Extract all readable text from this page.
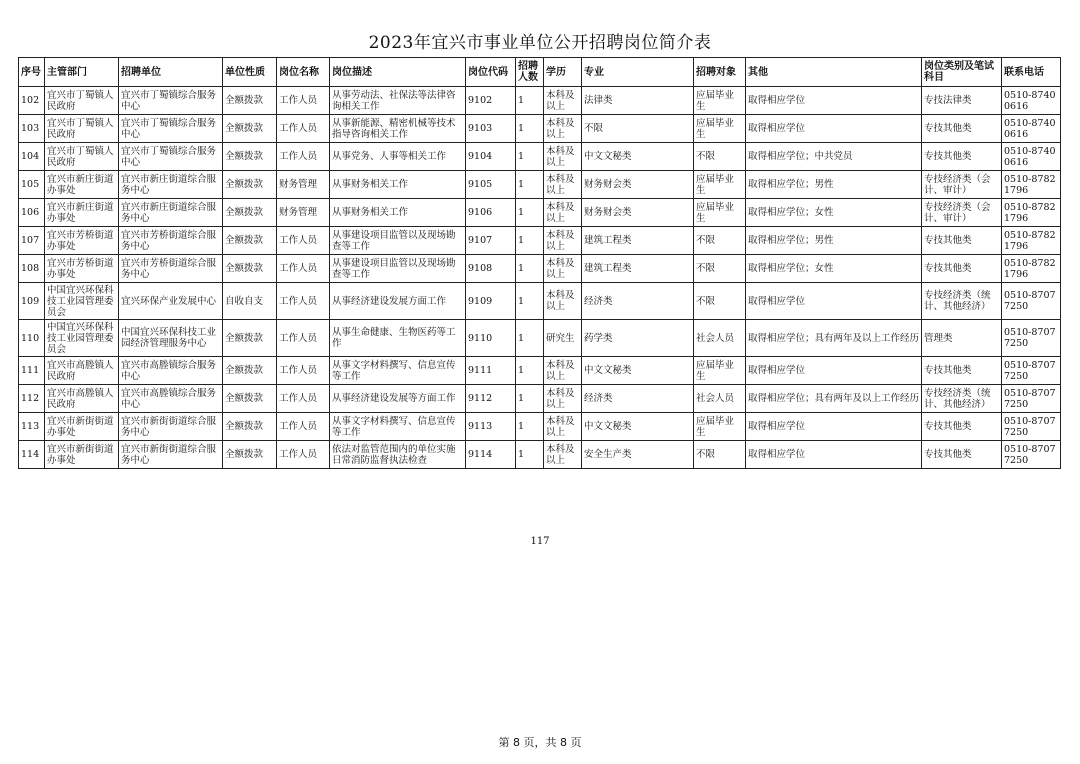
2023年宜兴市事业单位公开招聘岗位简介表
序号	主管部门	招聘单位	单位性质	岗位名称	岗位描述	岗位代码	招聘人数	学历	专业	招聘对象	其他	岗位类别及笔试科目	联系电话
102	宜兴市丁蜀镇人民政府	宜兴市丁蜀镇综合服务中心	全额拨款	工作人员	从事劳动法、社保法等法律咨询相关工作	9102	1	本科及以上	法律类	应届毕业生	取得相应学位	专技法律类	0510-87400616
103	宜兴市丁蜀镇人民政府	宜兴市丁蜀镇综合服务中心	全额拨款	工作人员	从事新能源、精密机械等技术指导咨询相关工作	9103	1	本科及以上	不限	应届毕业生	取得相应学位	专技其他类	0510-87400616
104	宜兴市丁蜀镇人民政府	宜兴市丁蜀镇综合服务中心	全额拨款	工作人员	从事党务、人事等相关工作	9104	1	本科及以上	中文文秘类	不限	取得相应学位；中共党员	专技其他类	0510-87400616
105	宜兴市新庄街道办事处	宜兴市新庄街道综合服务中心	全额拨款	财务管理	从事财务相关工作	9105	1	本科及以上	财务财会类	应届毕业生	取得相应学位；男性	专技经济类（会计、审计）	0510-87821796
106	宜兴市新庄街道办事处	宜兴市新庄街道综合服务中心	全额拨款	财务管理	从事财务相关工作	9106	1	本科及以上	财务财会类	应届毕业生	取得相应学位；女性	专技经济类（会计、审计）	0510-87821796
107	宜兴市芳桥街道办事处	宜兴市芳桥街道综合服务中心	全额拨款	工作人员	从事建设项目监管以及现场勘查等工作	9107	1	本科及以上	建筑工程类	不限	取得相应学位；男性	专技其他类	0510-87821796
108	宜兴市芳桥街道办事处	宜兴市芳桥街道综合服务中心	全额拨款	工作人员	从事建设项目监管以及现场勘查等工作	9108	1	本科及以上	建筑工程类	不限	取得相应学位；女性	专技其他类	0510-87821796
109	中国宜兴环保科技工业园管理委员会	宜兴环保产业发展中心	自收自支	工作人员	从事经济建设发展方面工作	9109	1	本科及以上	经济类	不限	取得相应学位	专技经济类（统计、其他经济）	0510-87077250
110	中国宜兴环保科技工业园管理委员会	中国宜兴环保科技工业园经济管理服务中心	全额拨款	工作人员	从事生命健康、生物医药等工作	9110	1	研究生	药学类	社会人员	取得相应学位；具有两年及以上工作经历	管理类	0510-87077250
111	宜兴市高塍镇人民政府	宜兴市高塍镇综合服务中心	全额拨款	工作人员	从事文字材料撰写、信息宣传等工作	9111	1	本科及以上	中文文秘类	应届毕业生	取得相应学位	专技其他类	0510-87077250
112	宜兴市高塍镇人民政府	宜兴市高塍镇综合服务中心	全额拨款	工作人员	从事经济建设发展等方面工作	9112	1	本科及以上	经济类	社会人员	取得相应学位；具有两年及以上工作经历	专技经济类（统计、其他经济）	0510-87077250
113	宜兴市新街街道办事处	宜兴市新街街道综合服务中心	全额拨款	工作人员	从事文字材料撰写、信息宣传等工作	9113	1	本科及以上	中文文秘类	应届毕业生	取得相应学位	专技其他类	0510-87077250
114	宜兴市新街街道办事处	宜兴市新街街道综合服务中心	全额拨款	工作人员	依法对监管范围内的单位实施日常消防监督执法检查	9114	1	本科及以上	安全生产类	不限	取得相应学位	专技其他类	0510-87077250
117
第 8 页，共 8 页
